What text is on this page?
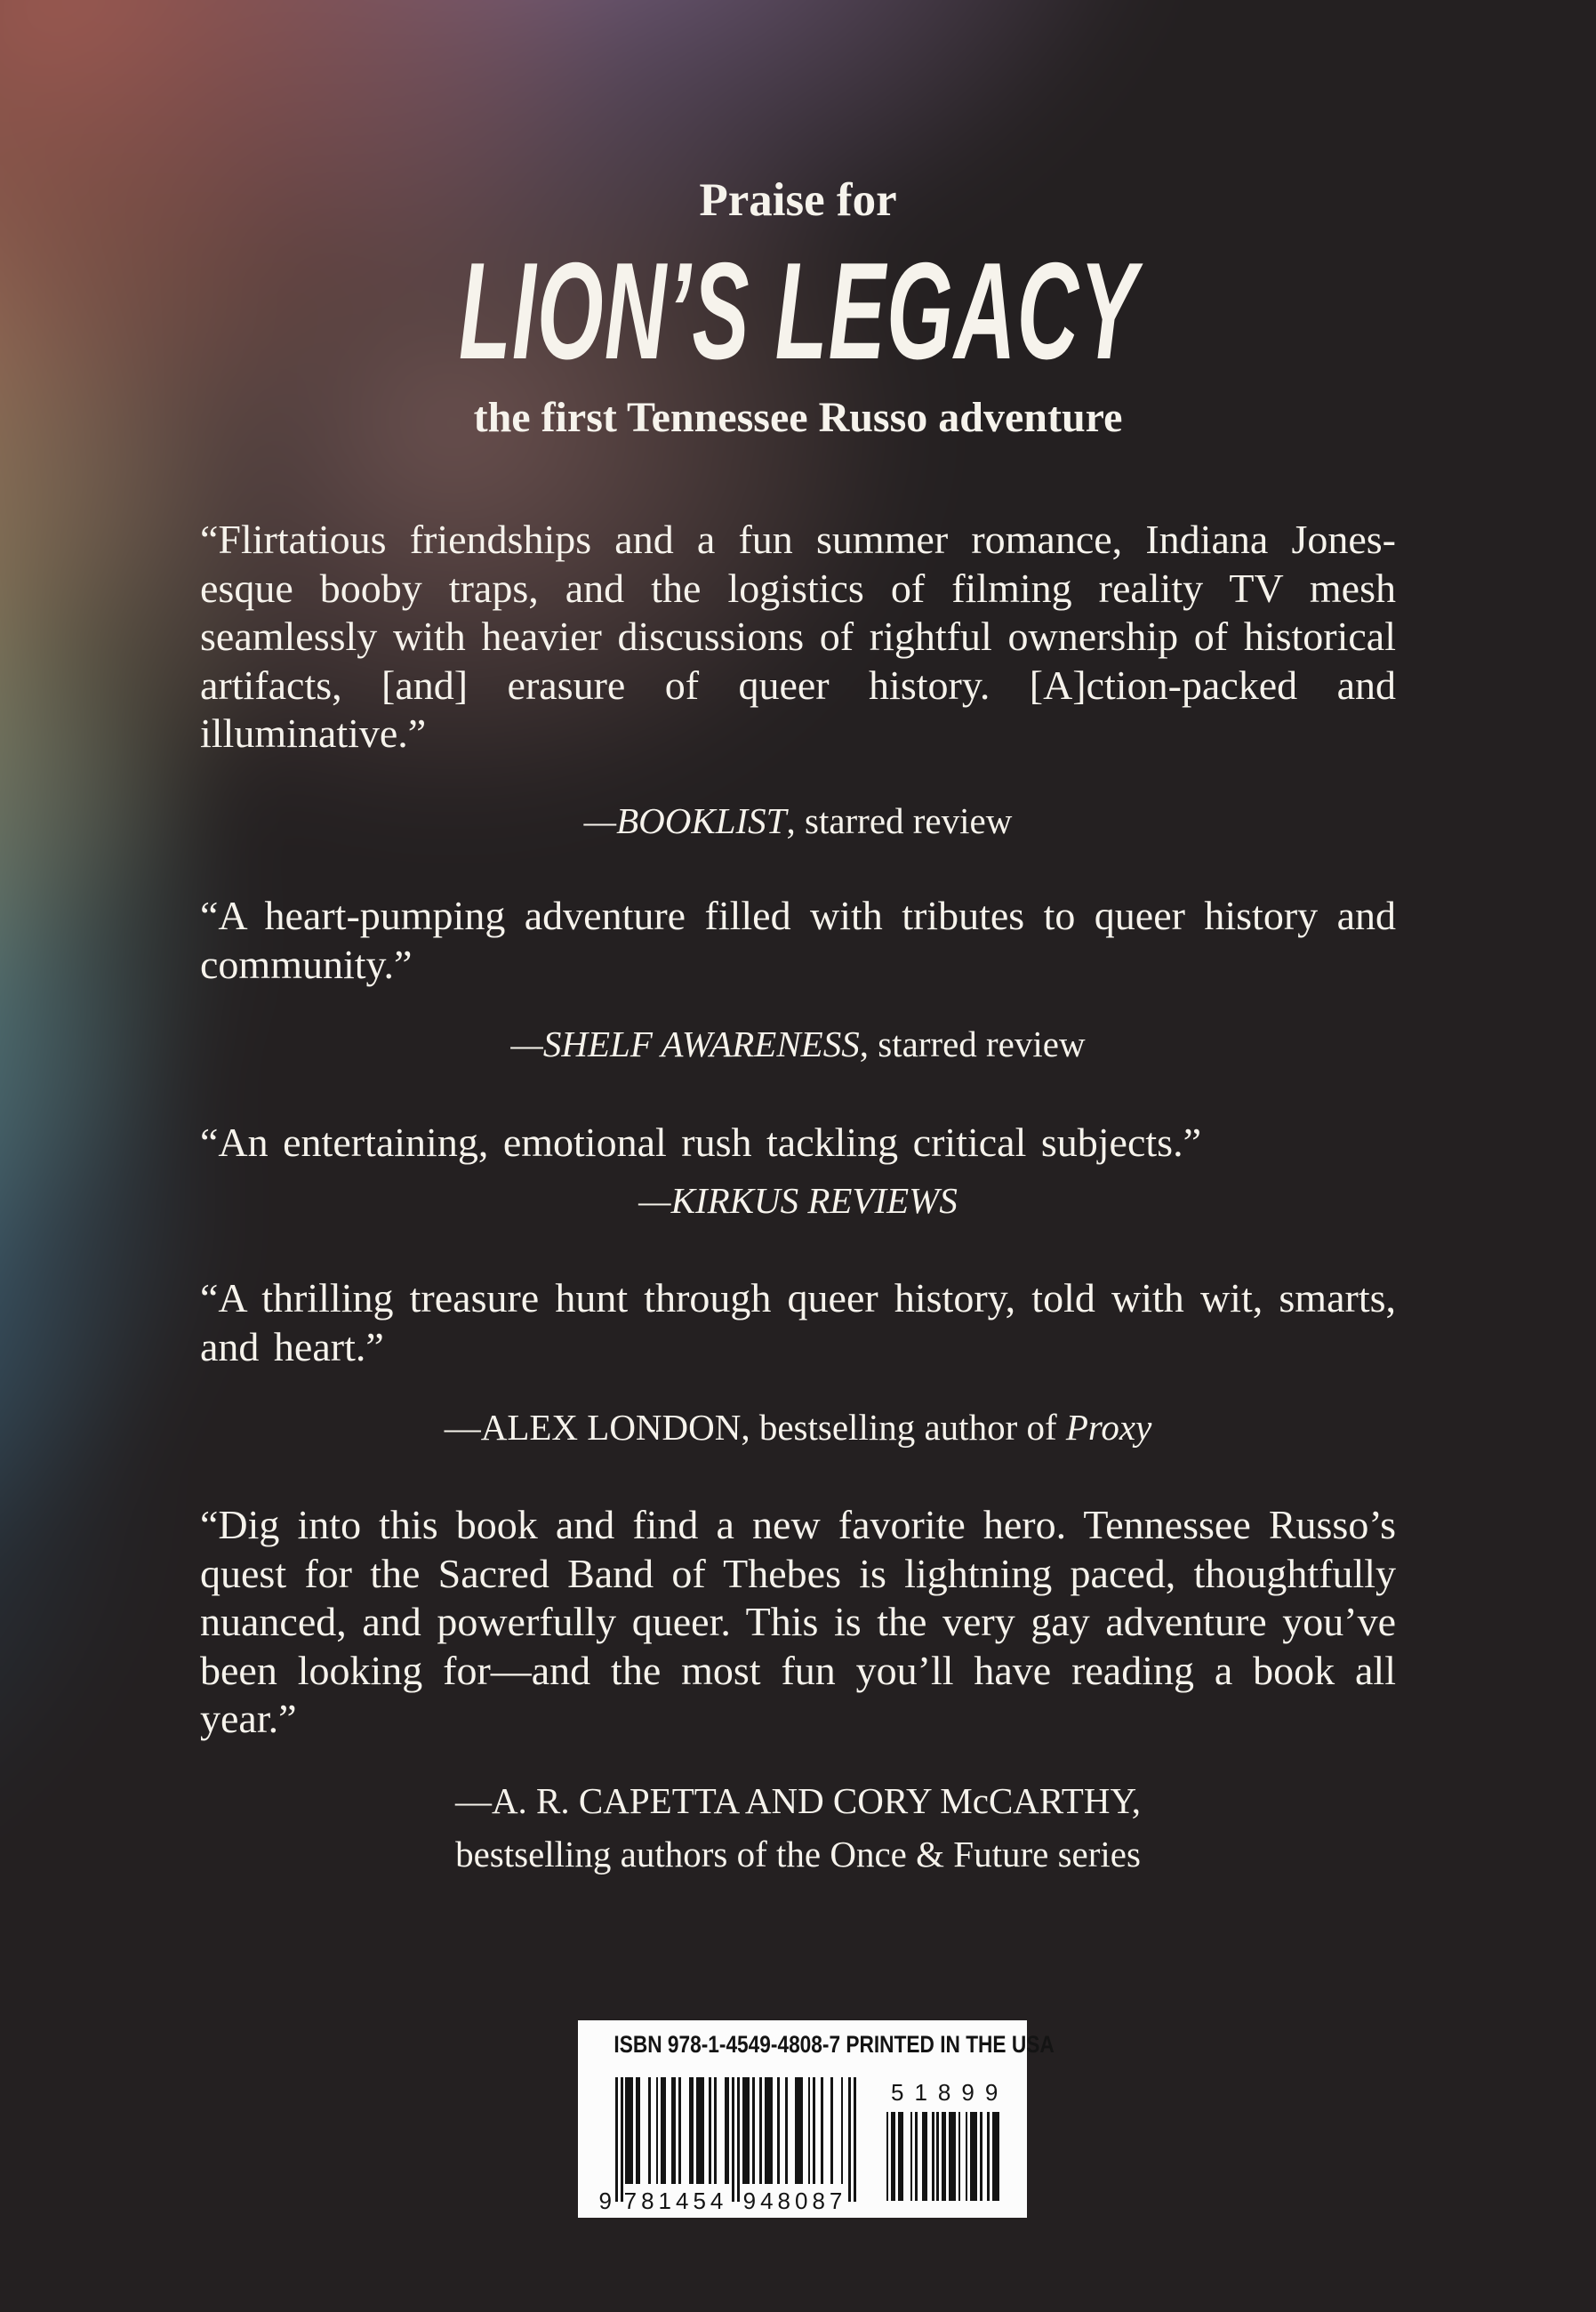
Praise for
LION’S LEGACY
the first Tennessee Russo adventure
“Flirtatious friendships and a fun summer romance, Indiana Jones-esque booby traps, and the logistics of filming reality TV mesh seamlessly with heavier discussions of rightful ownership of historical artifacts, [and] erasure of queer history. [A]ction-packed and illuminative.”
—BOOKLIST, starred review
“A heart-pumping adventure filled with tributes to queer history and community.”
—SHELF AWARENESS, starred review
“An entertaining, emotional rush tackling critical subjects.”
—KIRKUS REVIEWS
“A thrilling treasure hunt through queer history, told with wit, smarts, and heart.”
—ALEX LONDON, bestselling author of Proxy
“Dig into this book and find a new favorite hero. Tennessee Russo’s quest for the Sacred Band of Thebes is lightning paced, thoughtfully nuanced, and powerfully queer. This is the very gay adventure you’ve been looking for—and the most fun you’ll have reading a book all year.”
—A. R. CAPETTA AND CORY McCARTHY,
bestselling authors of the Once & Future series
ISBN 978-1-4549-4808-7 PRINTED IN THE USA
9 781454 948087
51899
